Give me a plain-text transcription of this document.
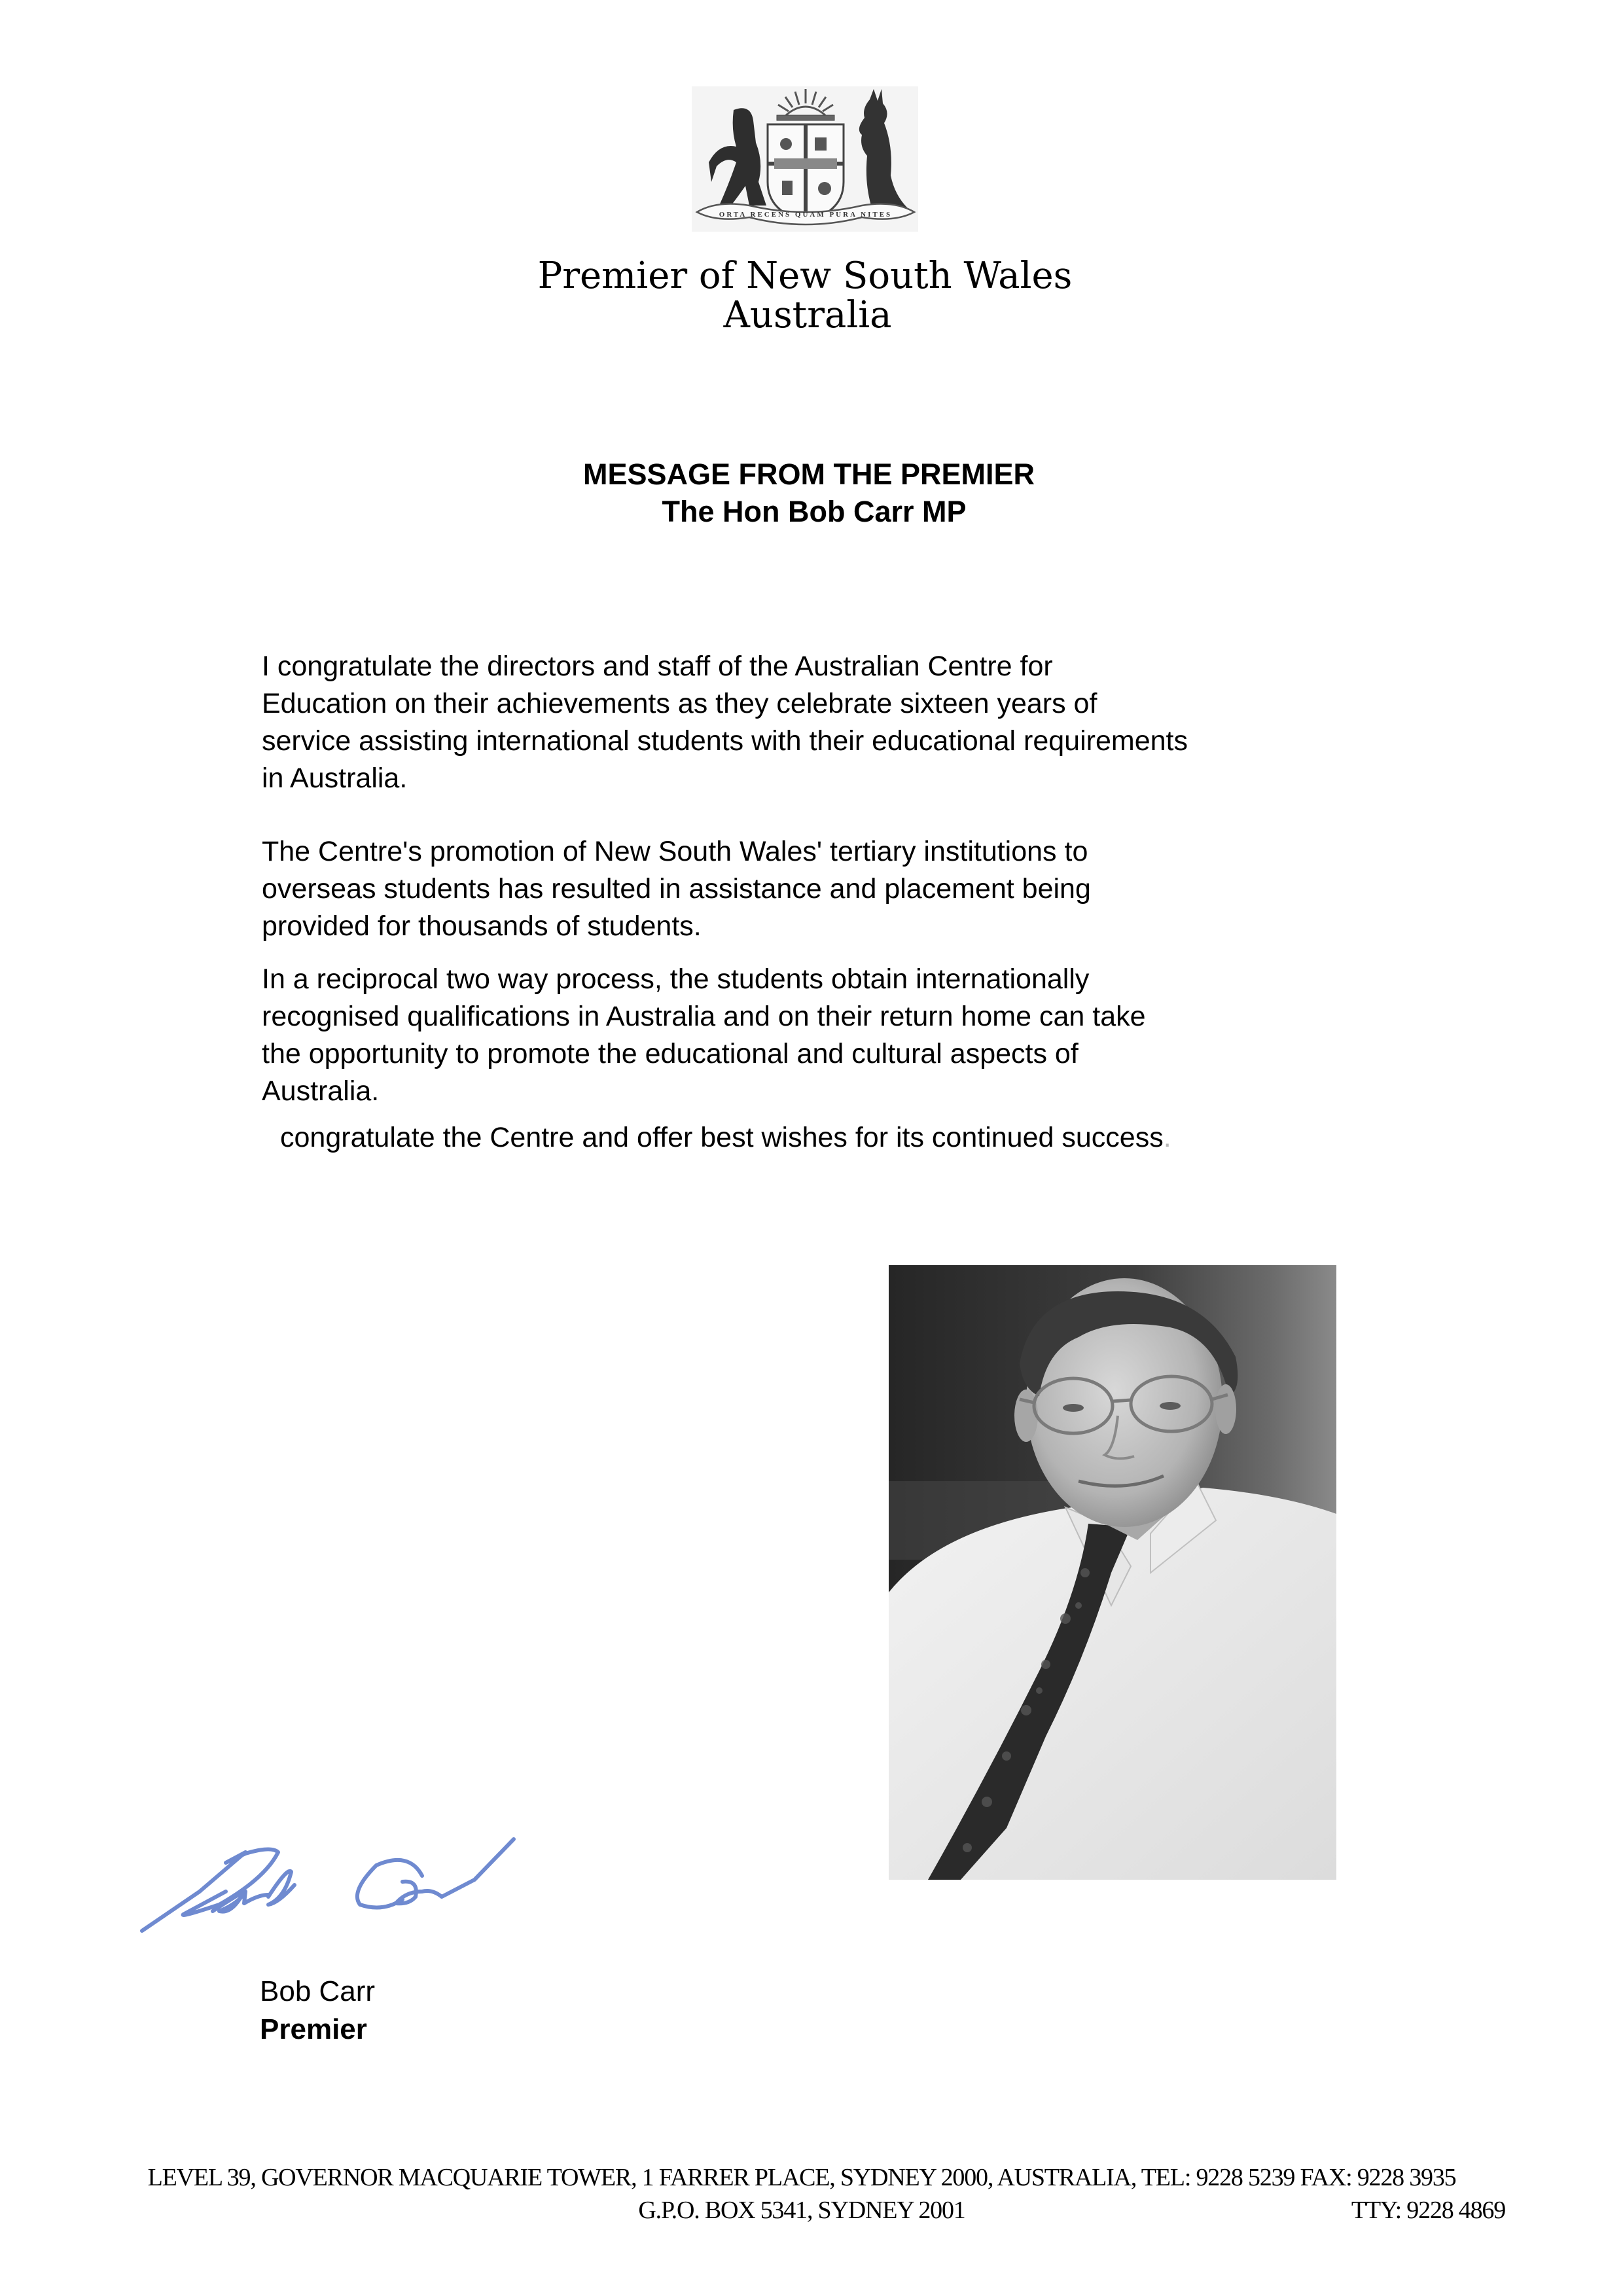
ORTA RECENS QUAM PURA NITES
Premier of New South Wales
Australia
MESSAGE FROM THE PREMIER
The Hon Bob Carr MP
I congratulate the directors and staff of the Australian Centre for
Education on their achievements as they celebrate sixteen years of
service assisting international students with their educational requirements
in Australia.
The Centre's promotion of New South Wales' tertiary institutions to
overseas students has resulted in assistance and placement being
provided for thousands of students.
In a reciprocal two way process, the students obtain internationally
recognised qualifications in Australia and on their return home can take
the opportunity to promote the educational and cultural aspects of
Australia.
congratulate the Centre and offer best wishes for its continued success.
Bob Carr
Premier
LEVEL 39, GOVERNOR MACQUARIE TOWER, 1 FARRER PLACE, SYDNEY 2000, AUSTRALIA, TEL: 9228 5239 FAX: 9228 3935
G.P.O. BOX 5341, SYDNEY 2001	TTY: 9228 4869
